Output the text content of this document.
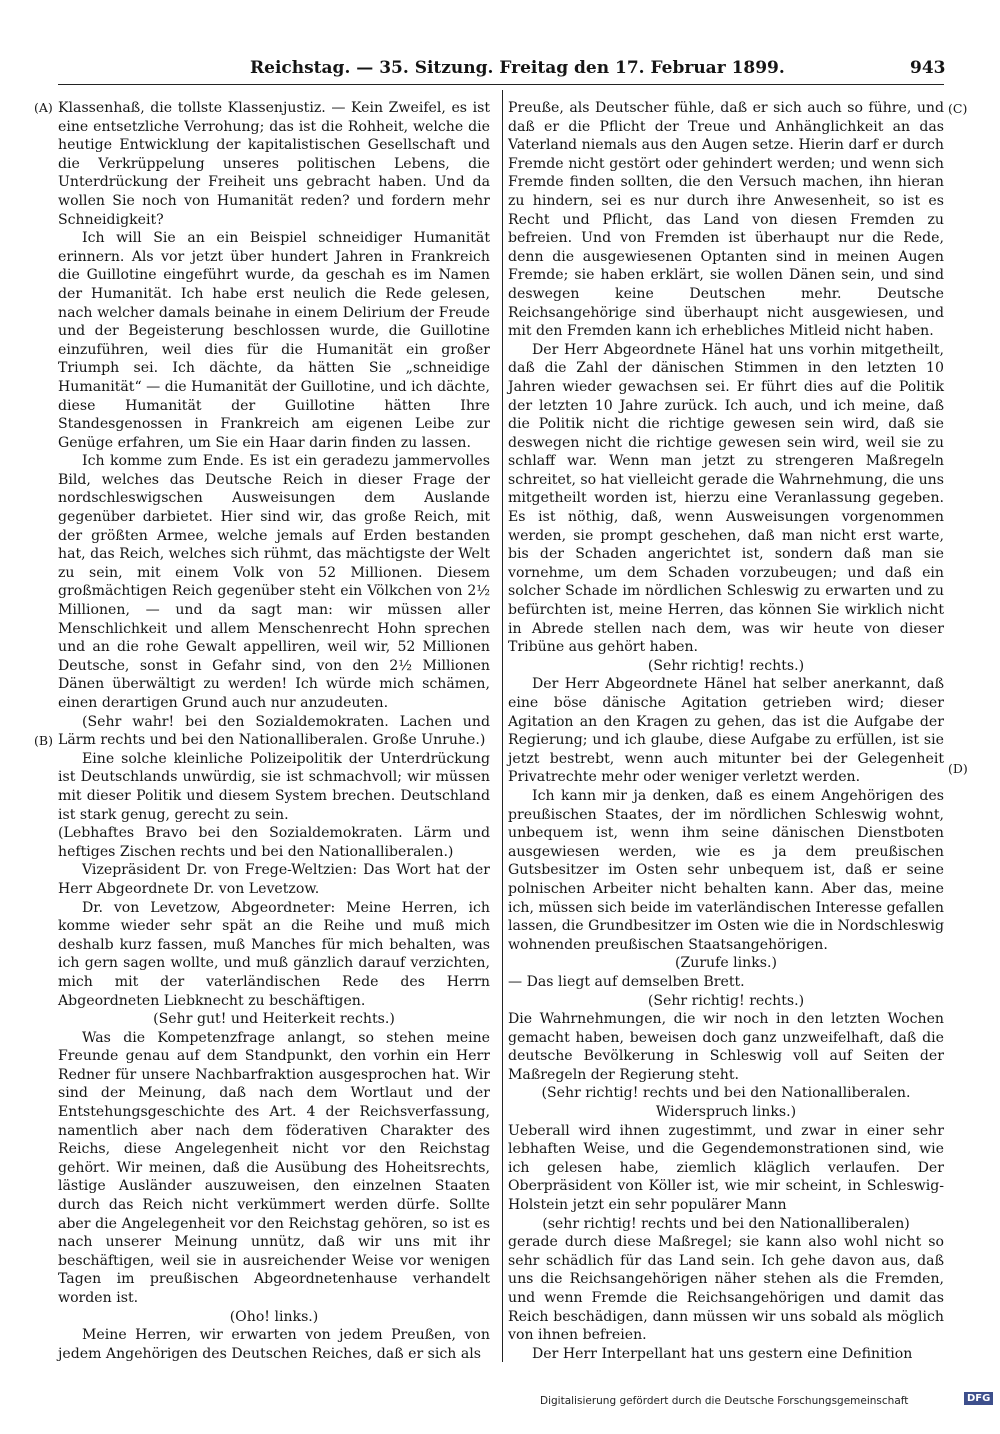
Reichstag. — 35. Sitzung. Freitag den 17. Februar 1899.	943
(A)
(B)
(C)
(D)

Klassenhaß, die tollste Klassenjustiz. — Kein Zweifel, es ist eine entsetzliche Verrohung; das ist die Rohheit, welche die heutige Entwicklung der kapitalistischen Gesellschaft und die Verkrüppelung unseres politischen Lebens, die Unterdrückung der Freiheit uns gebracht haben. Und da wollen Sie noch von Humanität reden? und fordern mehr Schneidigkeit?

Ich will Sie an ein Beispiel schneidiger Humanität erinnern. Als vor jetzt über hundert Jahren in Frankreich die Guillotine eingeführt wurde, da geschah es im Namen der Humanität. Ich habe erst neulich die Rede gelesen, nach welcher damals beinahe in einem Delirium der Freude und der Begeisterung beschlossen wurde, die Guillotine einzuführen, weil dies für die Humanität ein großer Triumph sei. Ich dächte, da hätten Sie „schneidige Humanität“ — die Humanität der Guillotine, und ich dächte, diese Humanität der Guillotine hätten Ihre Standesgenossen in Frankreich am eigenen Leibe zur Genüge erfahren, um Sie ein Haar darin finden zu lassen.

Ich komme zum Ende. Es ist ein geradezu jammervolles Bild, welches das Deutsche Reich in dieser Frage der nordschleswigschen Ausweisungen dem Auslande gegenüber darbietet. Hier sind wir, das große Reich, mit der größten Armee, welche jemals auf Erden bestanden hat, das Reich, welches sich rühmt, das mächtigste der Welt zu sein, mit einem Volk von 52 Millionen. Diesem großmächtigen Reich gegenüber steht ein Völkchen von 2½ Millionen, — und da sagt man: wir müssen aller Menschlichkeit und allem Menschenrecht Hohn sprechen und an die rohe Gewalt appelliren, weil wir, 52 Millionen Deutsche, sonst in Gefahr sind, von den 2½ Millionen Dänen überwältigt zu werden! Ich würde mich schämen, einen derartigen Grund auch nur anzudeuten.

(Sehr wahr! bei den Sozialdemokraten. Lachen und Lärm rechts und bei den Nationalliberalen. Große Unruhe.)

Eine solche kleinliche Polizeipolitik der Unterdrückung ist Deutschlands unwürdig, sie ist schmachvoll; wir müssen mit dieser Politik und diesem System brechen. Deutschland ist stark genug, gerecht zu sein.

(Lebhaftes Bravo bei den Sozialdemokraten. Lärm und heftiges Zischen rechts und bei den Nationalliberalen.)

Vizepräsident Dr. von Frege-Weltzien: Das Wort hat der Herr Abgeordnete Dr. von Levetzow.

Dr. von Levetzow, Abgeordneter: Meine Herren, ich komme wieder sehr spät an die Reihe und muß mich deshalb kurz fassen, muß Manches für mich behalten, was ich gern sagen wollte, und muß gänzlich darauf verzichten, mich mit der vaterländischen Rede des Herrn Abgeordneten Liebknecht zu beschäftigen.

(Sehr gut! und Heiterkeit rechts.)

Was die Kompetenzfrage anlangt, so stehen meine Freunde genau auf dem Standpunkt, den vorhin ein Herr Redner für unsere Nachbarfraktion ausgesprochen hat. Wir sind der Meinung, daß nach dem Wortlaut und der Entstehungsgeschichte des Art. 4 der Reichsverfassung, namentlich aber nach dem föderativen Charakter des Reichs, diese Angelegenheit nicht vor den Reichstag gehört. Wir meinen, daß die Ausübung des Hoheitsrechts, lästige Ausländer auszuweisen, den einzelnen Staaten durch das Reich nicht verkümmert werden dürfe. Sollte aber die Angelegenheit vor den Reichstag gehören, so ist es nach unserer Meinung unnütz, daß wir uns mit ihr beschäftigen, weil sie in ausreichender Weise vor wenigen Tagen im preußischen Abgeordnetenhause verhandelt worden ist.

(Oho! links.)

Meine Herren, wir erwarten von jedem Preußen, von jedem Angehörigen des Deutschen Reiches, daß er sich als

Preuße, als Deutscher fühle, daß er sich auch so führe, und daß er die Pflicht der Treue und Anhänglichkeit an das Vaterland niemals aus den Augen setze. Hierin darf er durch Fremde nicht gestört oder gehindert werden; und wenn sich Fremde finden sollten, die den Versuch machen, ihn hieran zu hindern, sei es nur durch ihre Anwesenheit, so ist es Recht und Pflicht, das Land von diesen Fremden zu befreien. Und von Fremden ist überhaupt nur die Rede, denn die ausgewiesenen Optanten sind in meinen Augen Fremde; sie haben erklärt, sie wollen Dänen sein, und sind deswegen keine Deutschen mehr. Deutsche Reichsangehörige sind überhaupt nicht ausgewiesen, und mit den Fremden kann ich erhebliches Mitleid nicht haben.

Der Herr Abgeordnete Hänel hat uns vorhin mitgetheilt, daß die Zahl der dänischen Stimmen in den letzten 10 Jahren wieder gewachsen sei. Er führt dies auf die Politik der letzten 10 Jahre zurück. Ich auch, und ich meine, daß die Politik nicht die richtige gewesen sein wird, daß sie deswegen nicht die richtige gewesen sein wird, weil sie zu schlaff war. Wenn man jetzt zu strengeren Maßregeln schreitet, so hat vielleicht gerade die Wahrnehmung, die uns mitgetheilt worden ist, hierzu eine Veranlassung gegeben. Es ist nöthig, daß, wenn Ausweisungen vorgenommen werden, sie prompt geschehen, daß man nicht erst warte, bis der Schaden angerichtet ist, sondern daß man sie vornehme, um dem Schaden vorzubeugen; und daß ein solcher Schade im nördlichen Schleswig zu erwarten und zu befürchten ist, meine Herren, das können Sie wirklich nicht in Abrede stellen nach dem, was wir heute von dieser Tribüne aus gehört haben.

(Sehr richtig! rechts.)

Der Herr Abgeordnete Hänel hat selber anerkannt, daß eine böse dänische Agitation getrieben wird; dieser Agitation an den Kragen zu gehen, das ist die Aufgabe der Regierung; und ich glaube, diese Aufgabe zu erfüllen, ist sie jetzt bestrebt, wenn auch mitunter bei der Gelegenheit Privatrechte mehr oder weniger verletzt werden.

Ich kann mir ja denken, daß es einem Angehörigen des preußischen Staates, der im nördlichen Schleswig wohnt, unbequem ist, wenn ihm seine dänischen Dienstboten ausgewiesen werden, wie es ja dem preußischen Gutsbesitzer im Osten sehr unbequem ist, daß er seine polnischen Arbeiter nicht behalten kann. Aber das, meine ich, müssen sich beide im vaterländischen Interesse gefallen lassen, die Grundbesitzer im Osten wie die in Nordschleswig wohnenden preußischen Staatsangehörigen.

(Zurufe links.)

— Das liegt auf demselben Brett.

(Sehr richtig! rechts.)

Die Wahrnehmungen, die wir noch in den letzten Wochen gemacht haben, beweisen doch ganz unzweifelhaft, daß die deutsche Bevölkerung in Schleswig voll auf Seiten der Maßregeln der Regierung steht.

(Sehr richtig! rechts und bei den Nationalliberalen. Widerspruch links.)

Ueberall wird ihnen zugestimmt, und zwar in einer sehr lebhaften Weise, und die Gegendemonstrationen sind, wie ich gelesen habe, ziemlich kläglich verlaufen. Der Oberpräsident von Köller ist, wie mir scheint, in Schleswig-Holstein jetzt ein sehr populärer Mann

(sehr richtig! rechts und bei den Nationalliberalen)

gerade durch diese Maßregel; sie kann also wohl nicht so sehr schädlich für das Land sein. Ich gehe davon aus, daß uns die Reichsangehörigen näher stehen als die Fremden, und wenn Fremde die Reichsangehörigen und damit das Reich beschädigen, dann müssen wir uns sobald als möglich von ihnen befreien.

Der Herr Interpellant hat uns gestern eine Definition

Digitalisierung gefördert durch die Deutsche Forschungsgemeinschaft	DFG
